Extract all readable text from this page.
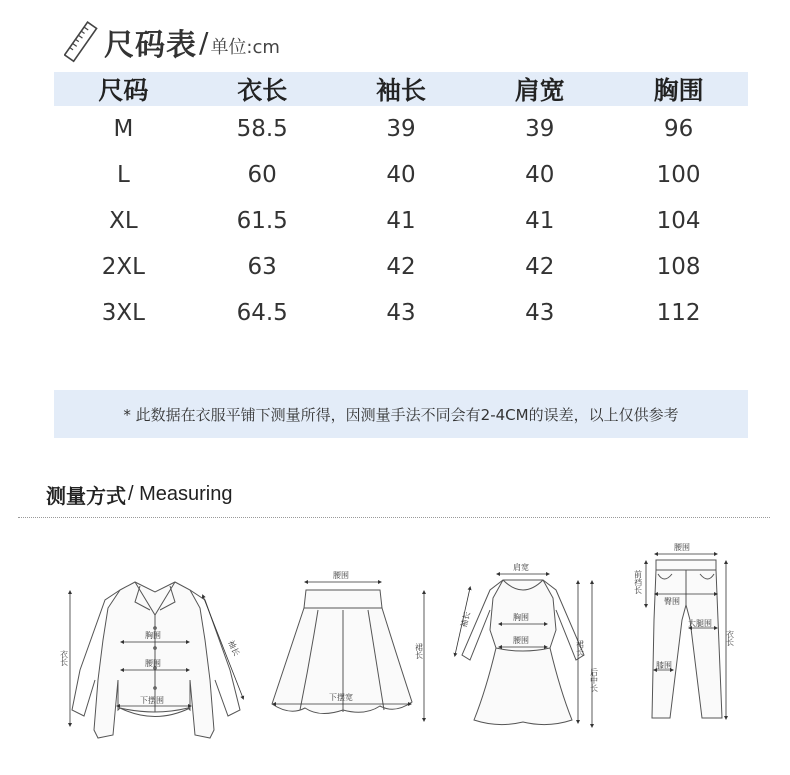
尺码表 / 单位:cm
尺码	衣长	袖长	肩宽	胸围
M	58.5	39	39	96
L	60	40	40	100
XL	61.5	41	41	104
2XL	63	42	42	108
3XL	64.5	43	43	112
* 此数据在衣服平铺下测量所得，因测量手法不同会有2-4CM的误差，以上仅供参考
测量方式 / Measuring
衣长
袖长
胸围
腰围
下摆围
腰围
裙长
下摆宽
肩宽
袖长	胸围
腰围	裙长
后中长
腰围
前裆长
臀围
大腿围
膝围
衣长
